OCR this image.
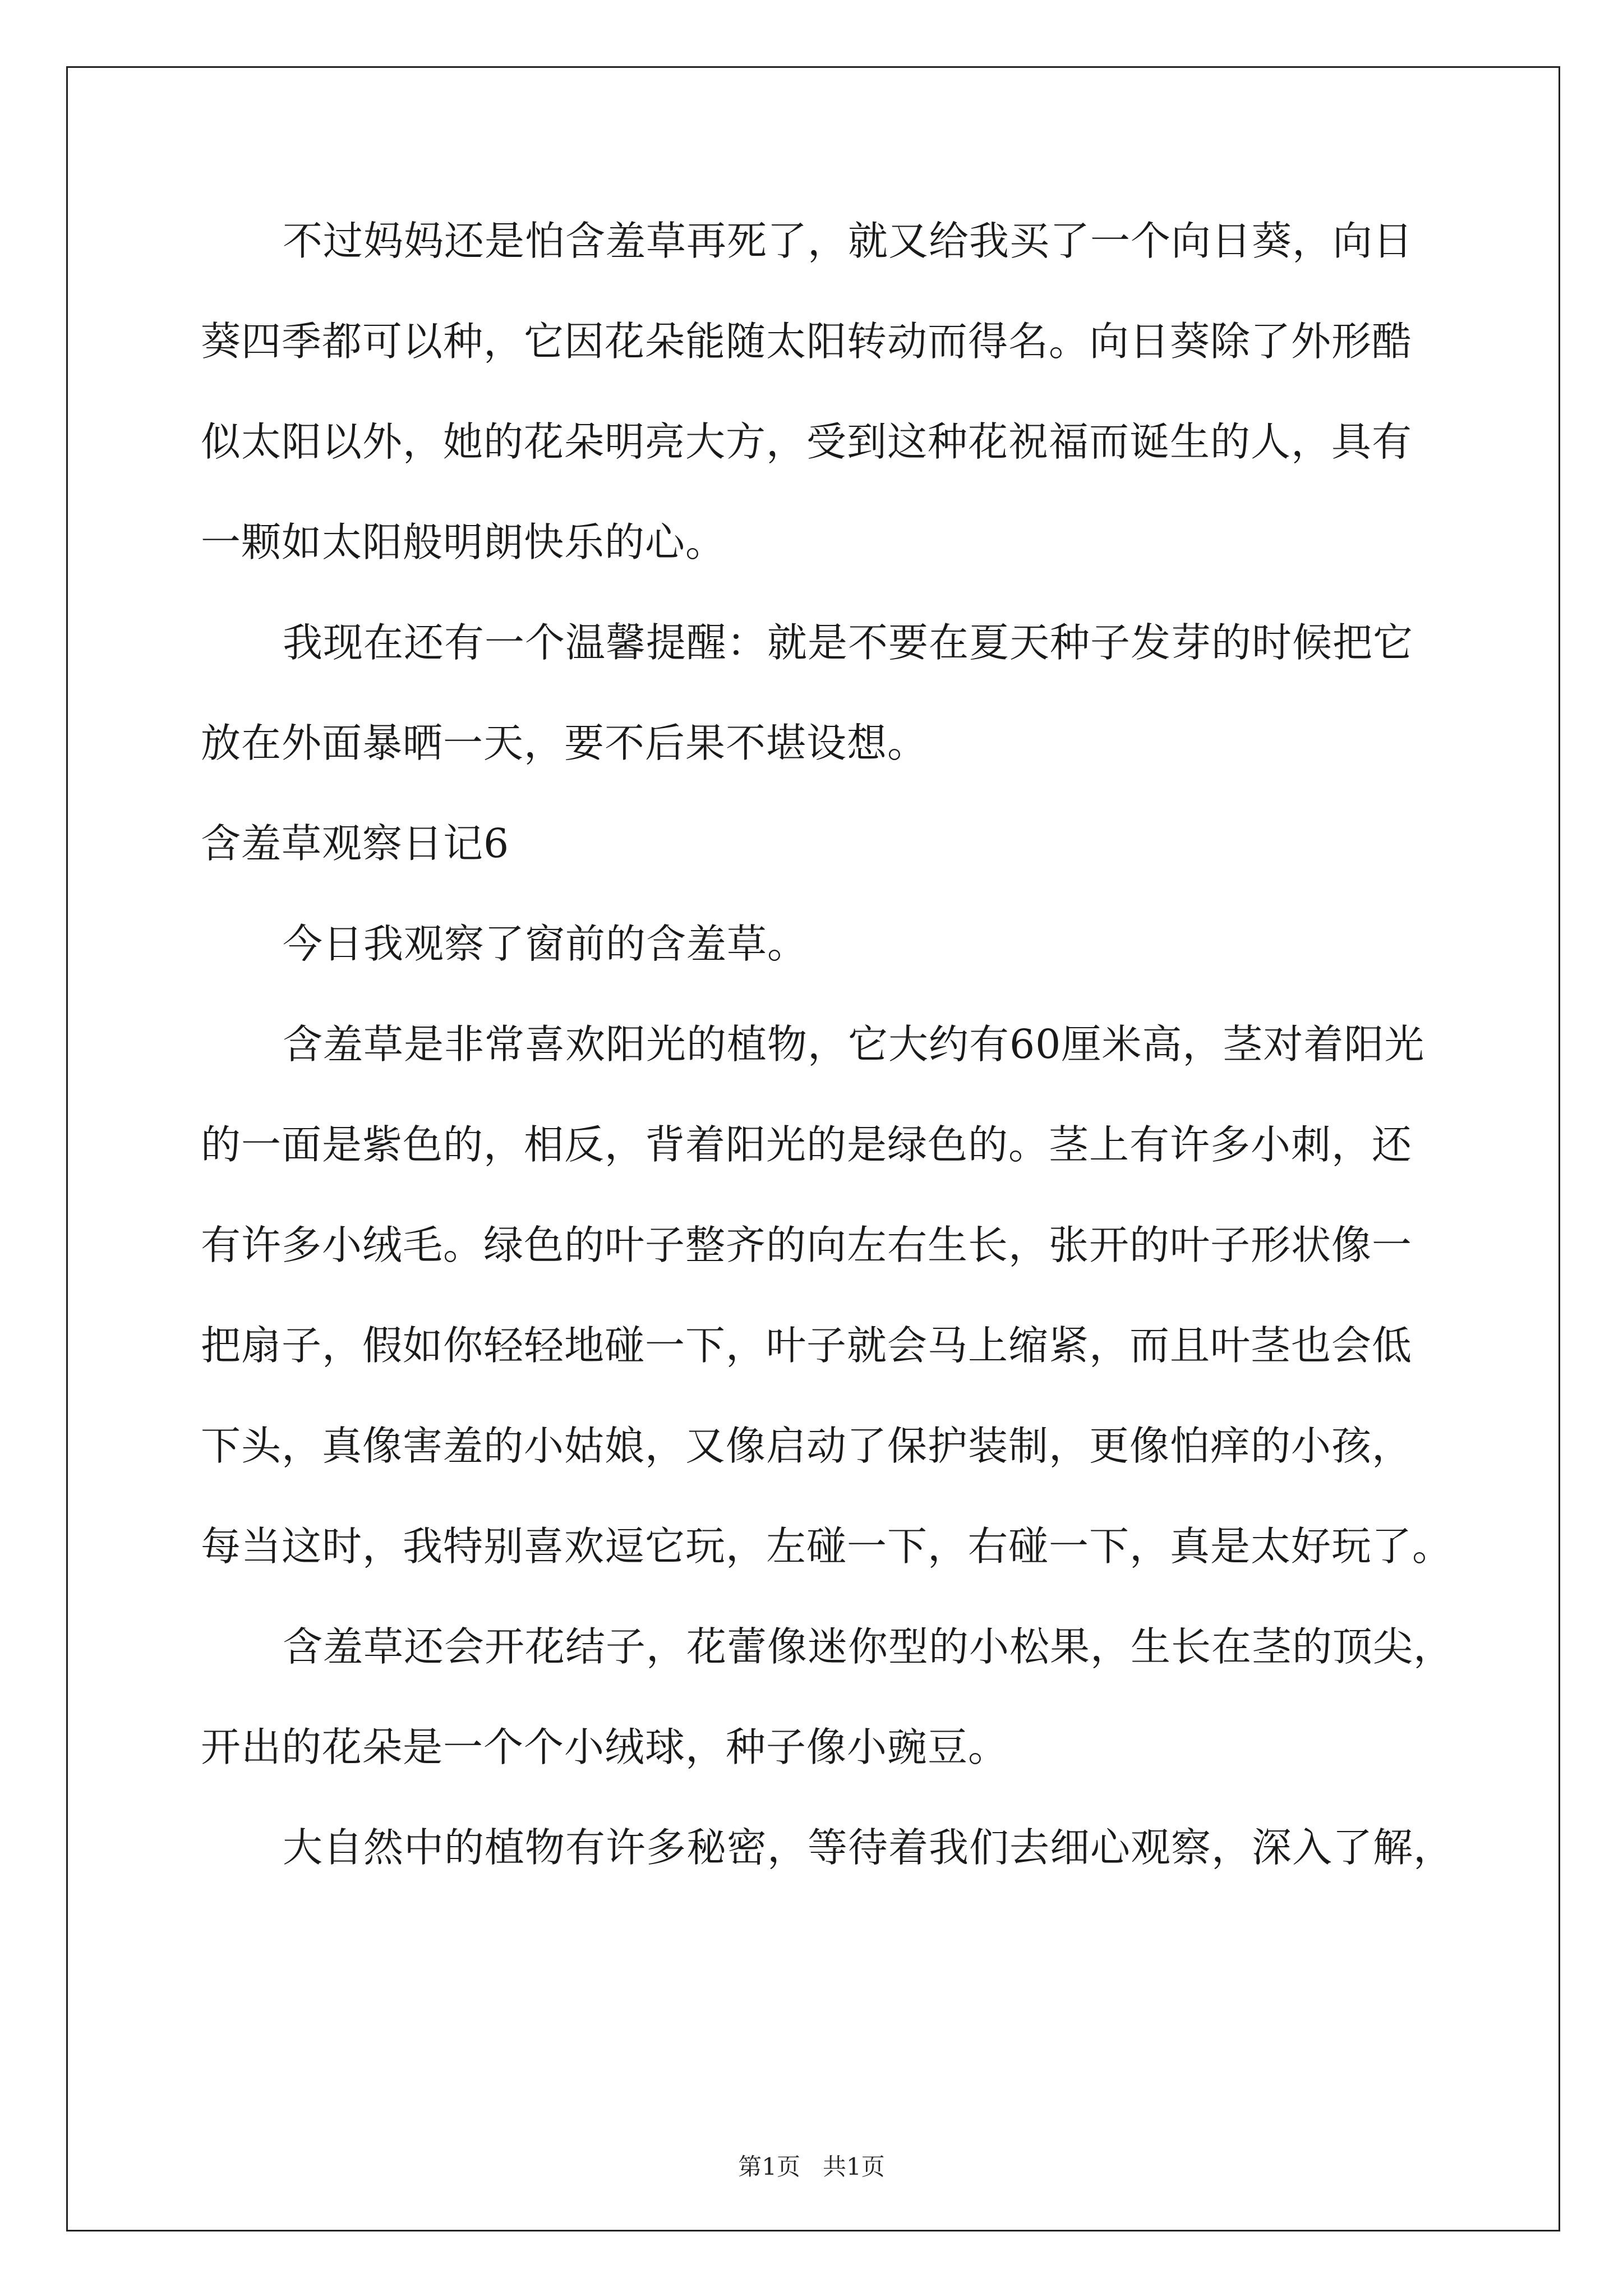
不过妈妈还是怕含羞草再死了，就又给我买了一个向日葵，向日
葵四季都可以种，它因花朵能随太阳转动而得名。向日葵除了外形酷
似太阳以外，她的花朵明亮大方，受到这种花祝福而诞生的人，具有
一颗如太阳般明朗快乐的心。
我现在还有一个温馨提醒：就是不要在夏天种子发芽的时候把它
放在外面暴晒一天，要不后果不堪设想。
含羞草观察日记6
今日我观察了窗前的含羞草。
含羞草是非常喜欢阳光的植物，它大约有60厘米高，茎对着阳光
的一面是紫色的，相反，背着阳光的是绿色的。茎上有许多小刺，还
有许多小绒毛。绿色的叶子整齐的向左右生长，张开的叶子形状像一
把扇子，假如你轻轻地碰一下，叶子就会马上缩紧，而且叶茎也会低
下头，真像害羞的小姑娘，又像启动了保护装制，更像怕痒的小孩，
每当这时，我特别喜欢逗它玩，左碰一下，右碰一下，真是太好玩了。
含羞草还会开花结子，花蕾像迷你型的小松果，生长在茎的顶尖，
开出的花朵是一个个小绒球，种子像小豌豆。
大自然中的植物有许多秘密，等待着我们去细心观察，深入了解，
第1页   共1页
